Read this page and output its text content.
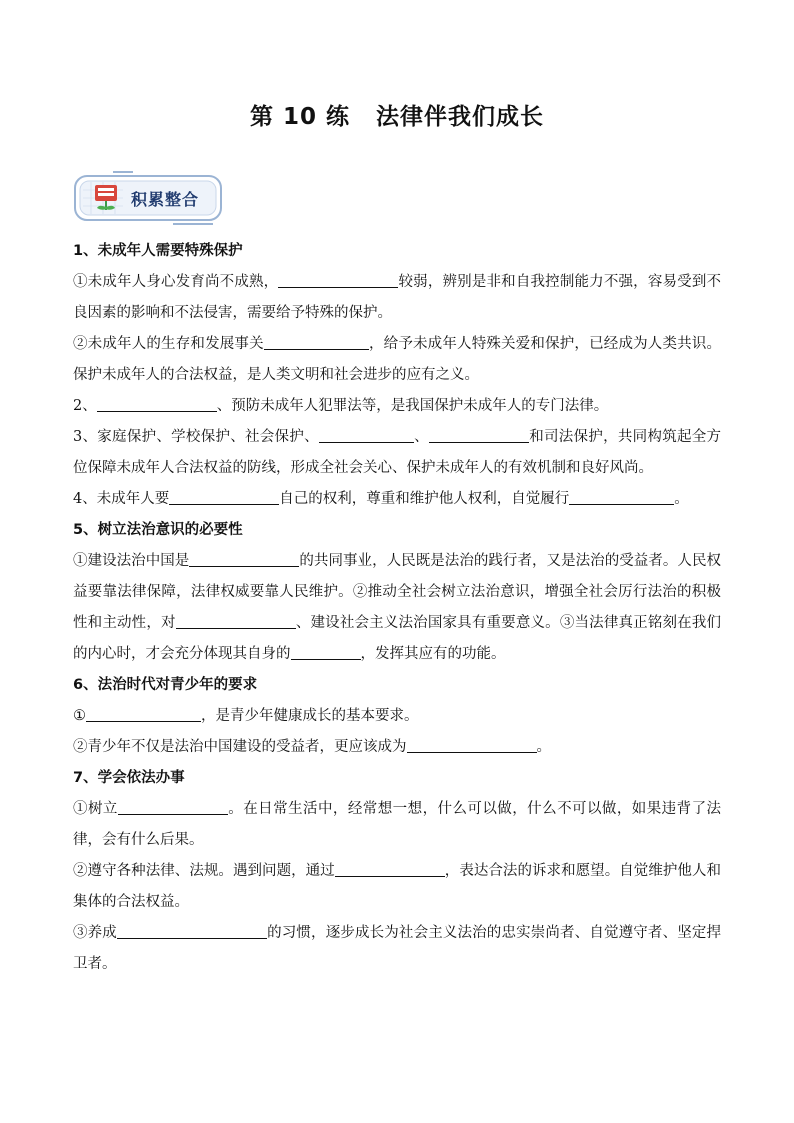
第 10 练 法律伴我们成长
积累整合

1、未成年人需要特殊保护

①未成年人身心发育尚不成熟，	较弱，辨别是非和自我控制能力不强，容易受到不良因素的影响和不法侵害，需要给予特殊的保护。

②未成年人的生存和发展事关	，给予未成年人特殊关爱和保护，已经成为人类共识。保护未成年人的合法权益，是人类文明和社会进步的应有之义。

2、	、预防未成年人犯罪法等，是我国保护未成年人的专门法律。

3、家庭保护、学校保护、社会保护、	、	和司法保护，共同构筑起全方位保障未成年人合法权益的防线，形成全社会关心、保护未成年人的有效机制和良好风尚。

4、未成年人要	自己的权利，尊重和维护他人权利，自觉履行	。

5、树立法治意识的必要性

①建设法治中国是	的共同事业，人民既是法治的践行者，又是法治的受益者。人民权益要靠法律保障，法律权威要靠人民维护。②推动全社会树立法治意识，增强全社会厉行法治的积极性和主动性，对	、建设社会主义法治国家具有重要意义。③当法律真正铭刻在我们的内心时，才会充分体现其自身的	，发挥其应有的功能。

6、法治时代对青少年的要求

①	，是青少年健康成长的基本要求。

②青少年不仅是法治中国建设的受益者，更应该成为	。

7、学会依法办事

①树立	。在日常生活中，经常想一想，什么可以做，什么不可以做，如果违背了法律，会有什么后果。

②遵守各种法律、法规。遇到问题，通过	，表达合法的诉求和愿望。自觉维护他人和集体的合法权益。

③养成	的习惯，逐步成长为社会主义法治的忠实崇尚者、自觉遵守者、坚定捍卫者。
